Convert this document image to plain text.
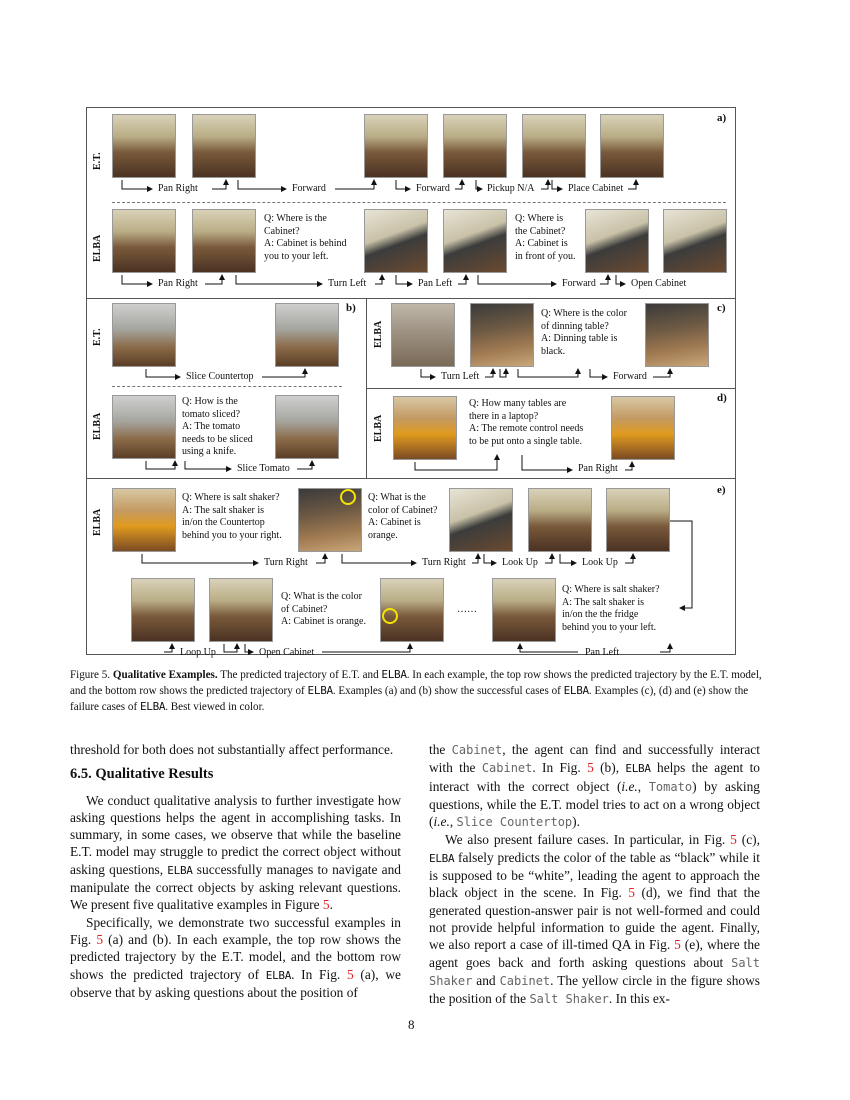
a)
b)	c)
d)
e)
E.T.
ELBA
E.T.
ELBA
ELBA
ELBA
ELBA
Pan Right	Forward	Forward	Pickup N/A	Place Cabinet
Pan Right	Turn Left	Pan Left	Forward	Open Cabinet
Q: Where is the
Cabinet?
A: Cabinet is behind
you to your left.
Q: Where is
the Cabinet?
A: Cabinet is
in front of you.
Slice Countertop
Q: How is the
tomato sliced?
A: The tomato
needs to be sliced
using a knife.
Slice Tomato
Q: Where is the color
of dinning table?
A: Dinning table is
black.
Turn Left	Forward
Q: How many tables are
there in a laptop?
A: The remote control needs
to be put onto a single table.
Pan Right
Q: Where is salt shaker?
A: The salt shaker is
in/on the Countertop
behind you to your right.
Q: What is the
color of Cabinet?
A: Cabinet is
orange.
Turn Right	Turn Right	Look Up	Look Up
Q: What is the color
of Cabinet?
A: Cabinet is orange.
……
Q: Where is salt shaker?
A: The salt shaker is
in/on the the fridge
behind you to your left.
Loop Up	Open Cabinet	Pan Left
Figure 5. Qualitative Examples. The predicted trajectory of E.T. and ELBA. In each example, the top row shows the predicted trajectory by the E.T. model, and the bottom row shows the predicted trajectory of ELBA. Examples (a) and (b) show the successful cases of ELBA. Examples (c), (d) and (e) show the failure cases of ELBA. Best viewed in color.

threshold for both does not substantially affect performance.

6.5. Qualitative Results

We conduct qualitative analysis to further investigate how asking questions helps the agent in accomplishing tasks. In summary, in some cases, we observe that while the baseline E.T. model may struggle to predict the correct object without asking questions, ELBA successfully manages to navigate and manipulate the correct objects by asking relevant questions. We present five qualitative examples in Figure 5.

Specifically, we demonstrate two successful examples in Fig. 5 (a) and (b). In each example, the top row shows the predicted trajectory by the E.T. model, and the bottom row shows the predicted trajectory of ELBA. In Fig. 5 (a), we observe that by asking questions about the position of

the Cabinet, the agent can find and successfully interact with the Cabinet. In Fig. 5 (b), ELBA helps the agent to interact with the correct object (i.e., Tomato) by asking questions, while the E.T. model tries to act on a wrong object (i.e., Slice Countertop).

We also present failure cases. In particular, in Fig. 5 (c), ELBA falsely predicts the color of the table as “black” while it is supposed to be “white”, leading the agent to approach the black object in the scene. In Fig. 5 (d), we find that the generated question-answer pair is not well-formed and could not provide helpful information to guide the agent. Finally, we also report a case of ill-timed QA in Fig. 5 (e), where the agent goes back and forth asking questions about Salt Shaker and Cabinet. The yellow circle in the figure shows the position of the Salt Shaker. In this ex-

8
